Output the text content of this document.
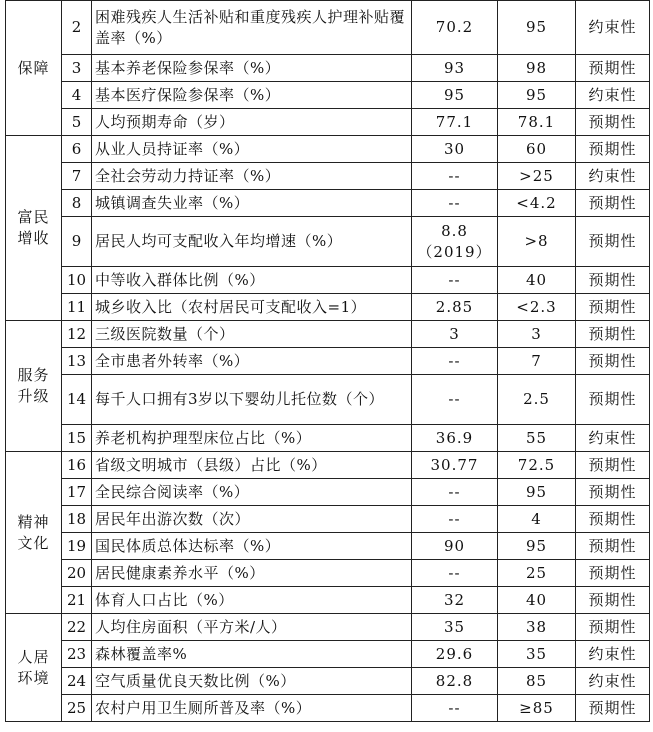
保障	2	困难残疾人生活补贴和重度残疾人护理补贴覆盖率（%）	70.2	95	约束性
	3	基本养老保险参保率（%）	93	98	预期性
	4	基本医疗保险参保率（%）	95	95	约束性
	5	人均预期寿命（岁）	77.1	78.1	预期性

富民
增收	6	从业人员持证率（%）	30	60	预期性
	7	全社会劳动力持证率（%）	--	>25	约束性
	8	城镇调查失业率（%）	--	<4.2	预期性
	9	居民人均可支配收入年均增速（%）	8.8（2019）	>8	预期性
	10	中等收入群体比例（%）	--	40	预期性
	11	城乡收入比（农村居民可支配收入=1）	2.85	<2.3	预期性

服务
升级	12	三级医院数量（个）	3	3	预期性
	13	全市患者外转率（%）	--	7	预期性
	14	每千人口拥有3岁以下婴幼儿托位数（个）	--	2.5	预期性
	15	养老机构护理型床位占比（%）	36.9	55	约束性

精神
文化	16	省级文明城市（县级）占比（%）	30.77	72.5	预期性
	17	全民综合阅读率（%）	--	95	预期性
	18	居民年出游次数（次）	--	4	预期性
	19	国民体质总体达标率（%）	90	95	预期性
	20	居民健康素养水平（%）	--	25	预期性
	21	体育人口占比（%）	32	40	预期性

人居
环境	22	人均住房面积（平方米/人）	35	38	预期性
	23	森林覆盖率%	29.6	35	约束性
	24	空气质量优良天数比例（%）	82.8	85	约束性
	25	农村户用卫生厕所普及率（%）	--	≥85	预期性
